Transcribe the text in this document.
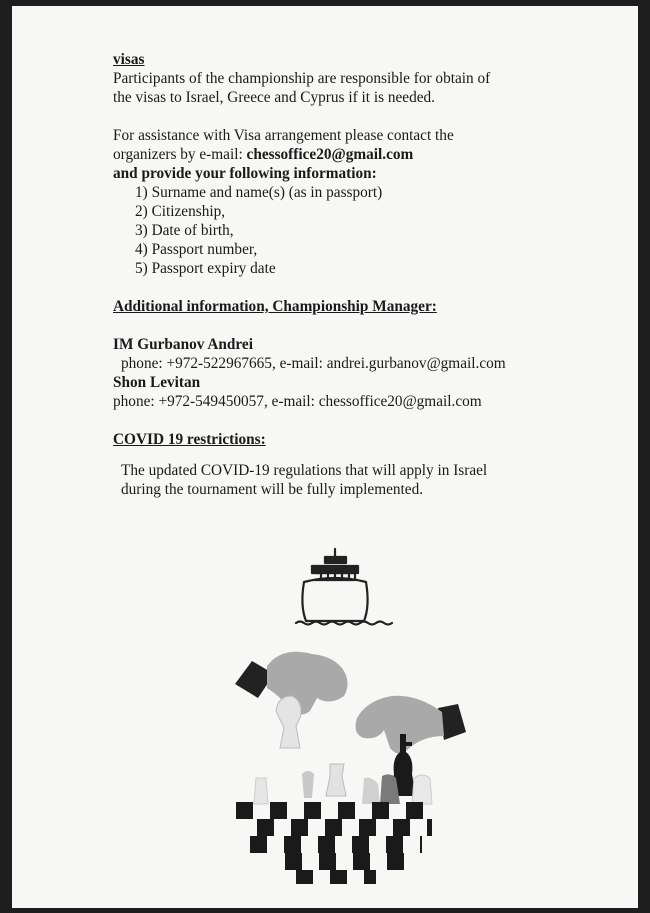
visas

Participants of the championship are responsible for obtain of

the visas to Israel, Greece and Cyprus if it is needed.

For assistance with Visa arrangement please contact the

organizers by e-mail: chessoffice20@gmail.com

and provide your following information:

1) Surname and name(s) (as in passport)

2) Citizenship,

3) Date of birth,

4) Passport number,

5) Passport expiry date

Additional information, Championship Manager:

IM Gurbanov Andrei

phone: +972-522967665, e-mail: andrei.gurbanov@gmail.com

Shon Levitan

phone: +972-549450057, e-mail: chessoffice20@gmail.com

COVID 19 restrictions:

The updated COVID-19 regulations that will apply in Israel

during the tournament will be fully implemented.
